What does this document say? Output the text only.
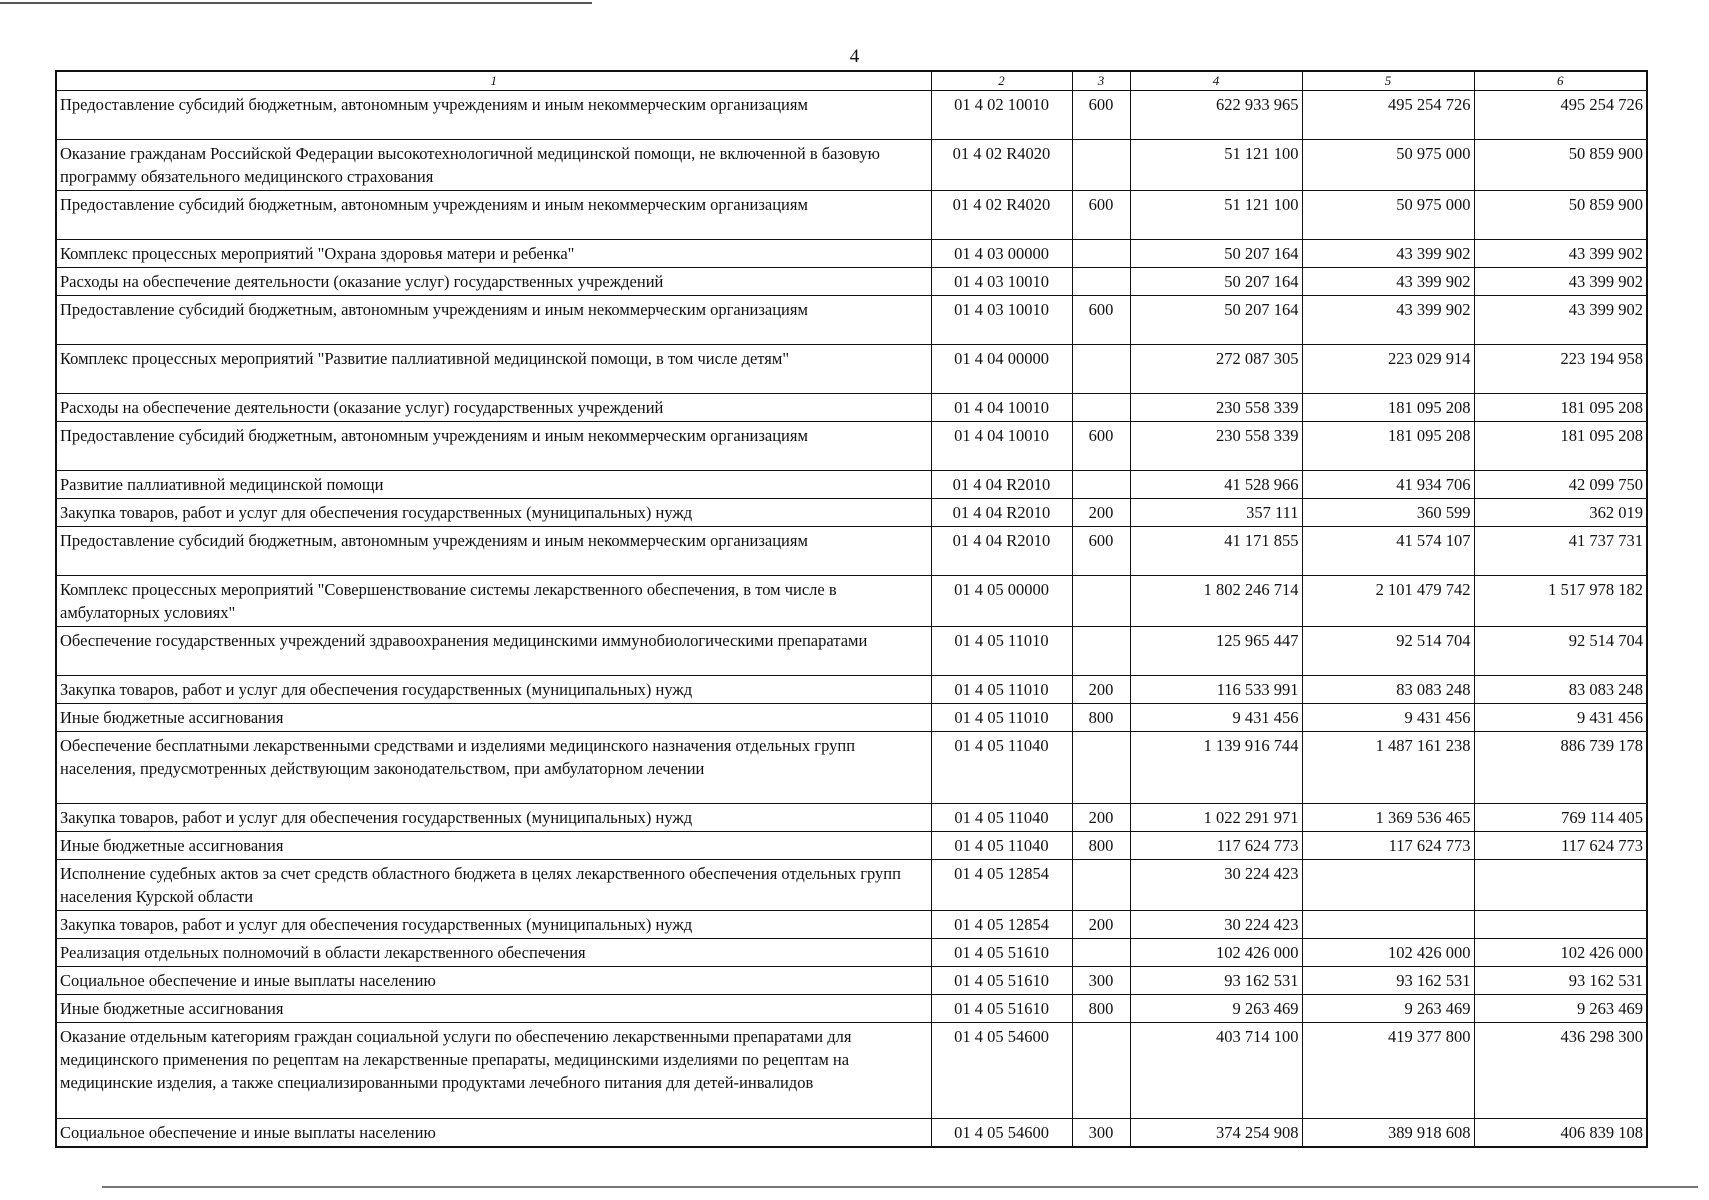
4
1	2	3	4	5	6
Предоставление субсидий бюджетным, автономным учреждениям и иным некоммерческим организациям	01 4 02 10010	600	622 933 965	495 254 726	495 254 726
Оказание гражданам Российской Федерации высокотехнологичной медицинской помощи, не включенной в базовую программу обязательного медицинского страхования	01 4 02 R4020		51 121 100	50 975 000	50 859 900
Предоставление субсидий бюджетным, автономным учреждениям и иным некоммерческим организациям	01 4 02 R4020	600	51 121 100	50 975 000	50 859 900
Комплекс процессных мероприятий "Охрана здоровья матери и ребенка"	01 4 03 00000		50 207 164	43 399 902	43 399 902
Расходы на обеспечение деятельности (оказание услуг) государственных учреждений	01 4 03 10010		50 207 164	43 399 902	43 399 902
Предоставление субсидий бюджетным, автономным учреждениям и иным некоммерческим организациям	01 4 03 10010	600	50 207 164	43 399 902	43 399 902
Комплекс процессных мероприятий "Развитие паллиативной медицинской помощи, в том числе детям"	01 4 04 00000		272 087 305	223 029 914	223 194 958
Расходы на обеспечение деятельности (оказание услуг) государственных учреждений	01 4 04 10010		230 558 339	181 095 208	181 095 208
Предоставление субсидий бюджетным, автономным учреждениям и иным некоммерческим организациям	01 4 04 10010	600	230 558 339	181 095 208	181 095 208
Развитие паллиативной медицинской помощи	01 4 04 R2010		41 528 966	41 934 706	42 099 750
Закупка товаров, работ и услуг для обеспечения государственных (муниципальных) нужд	01 4 04 R2010	200	357 111	360 599	362 019
Предоставление субсидий бюджетным, автономным учреждениям и иным некоммерческим организациям	01 4 04 R2010	600	41 171 855	41 574 107	41 737 731
Комплекс процессных мероприятий "Совершенствование системы лекарственного обеспечения, в том числе в амбулаторных условиях"	01 4 05 00000		1 802 246 714	2 101 479 742	1 517 978 182
Обеспечение государственных учреждений здравоохранения медицинскими иммунобиологическими препаратами	01 4 05 11010		125 965 447	92 514 704	92 514 704
Закупка товаров, работ и услуг для обеспечения государственных (муниципальных) нужд	01 4 05 11010	200	116 533 991	83 083 248	83 083 248
Иные бюджетные ассигнования	01 4 05 11010	800	9 431 456	9 431 456	9 431 456
Обеспечение бесплатными лекарственными средствами и изделиями медицинского назначения отдельных групп населения, предусмотренных действующим законодательством, при амбулаторном лечении	01 4 05 11040		1 139 916 744	1 487 161 238	886 739 178
Закупка товаров, работ и услуг для обеспечения государственных (муниципальных) нужд	01 4 05 11040	200	1 022 291 971	1 369 536 465	769 114 405
Иные бюджетные ассигнования	01 4 05 11040	800	117 624 773	117 624 773	117 624 773
Исполнение судебных актов за счет средств областного бюджета в целях лекарственного обеспечения отдельных групп населения Курской области	01 4 05 12854		30 224 423		
Закупка товаров, работ и услуг для обеспечения государственных (муниципальных) нужд	01 4 05 12854	200	30 224 423		
Реализация отдельных полномочий в области лекарственного обеспечения	01 4 05 51610		102 426 000	102 426 000	102 426 000
Социальное обеспечение и иные выплаты населению	01 4 05 51610	300	93 162 531	93 162 531	93 162 531
Иные бюджетные ассигнования	01 4 05 51610	800	9 263 469	9 263 469	9 263 469
Оказание отдельным категориям граждан социальной услуги по обеспечению лекарственными препаратами для медицинского применения по рецептам на лекарственные препараты, медицинскими изделиями по рецептам на медицинские изделия, а также специализированными продуктами лечебного питания для детей-инвалидов	01 4 05 54600		403 714 100	419 377 800	436 298 300
Социальное обеспечение и иные выплаты населению	01 4 05 54600	300	374 254 908	389 918 608	406 839 108
